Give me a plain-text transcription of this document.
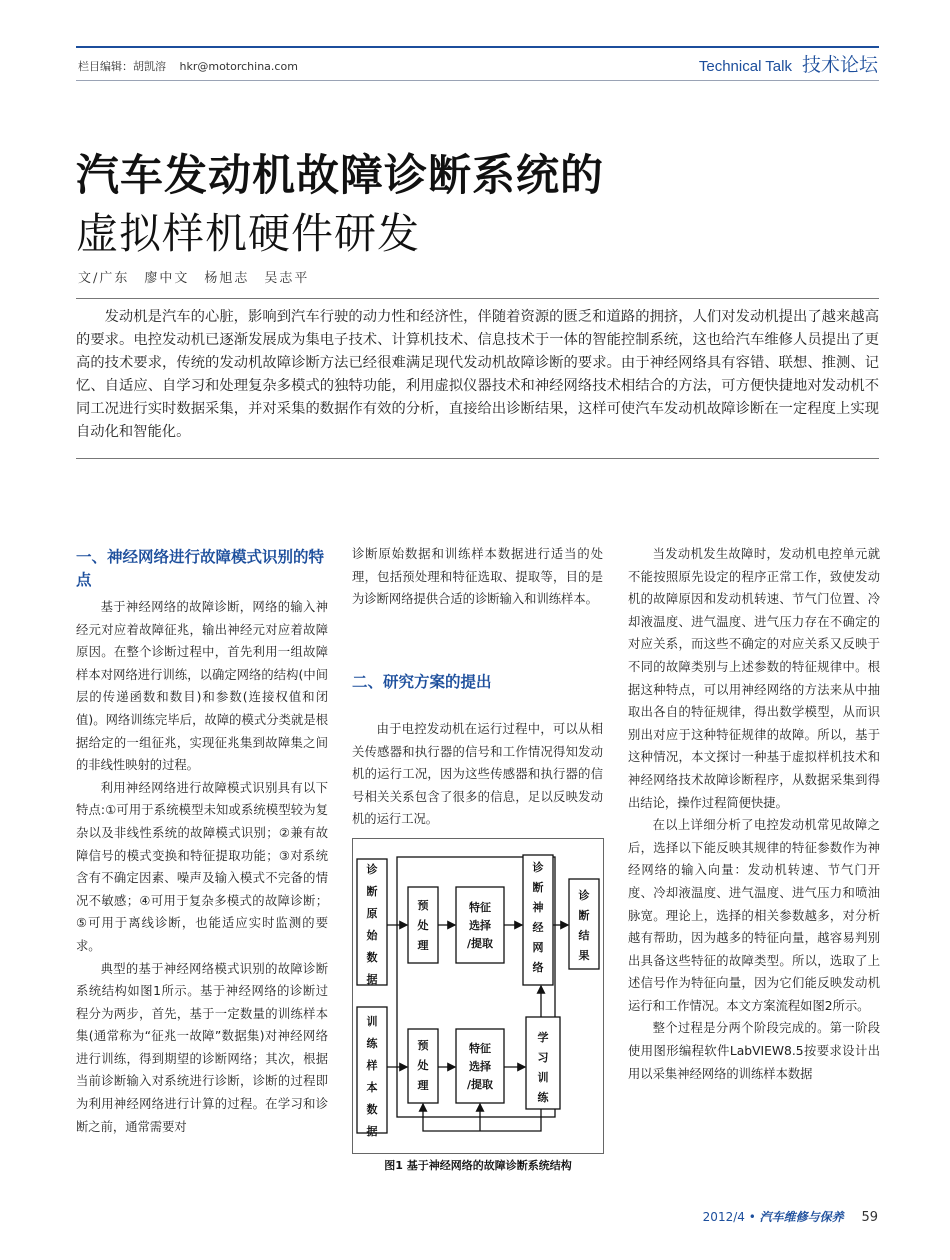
栏目编辑：胡凯溶 hkr@motorchina.com	Technical Talk 技术论坛
汽车发动机故障诊断系统的
虚拟样机硬件研发
文/广东　廖中文　杨旭志　吴志平
发动机是汽车的心脏，影响到汽车行驶的动力性和经济性，伴随着资源的匮乏和道路的拥挤，人们对发动机提出了越来越高的要求。电控发动机已逐渐发展成为集电子技术、计算机技术、信息技术于一体的智能控制系统，这也给汽车维修人员提出了更高的技术要求，传统的发动机故障诊断方法已经很难满足现代发动机故障诊断的要求。由于神经网络具有容错、联想、推测、记忆、自适应、自学习和处理复杂多模式的独特功能，利用虚拟仪器技术和神经网络技术相结合的方法，可方便快捷地对发动机不同工况进行实时数据采集，并对采集的数据作有效的分析，直接给出诊断结果，这样可使汽车发动机故障诊断在一定程度上实现自动化和智能化。
一、神经网络进行故障模式识别的特点

基于神经网络的故障诊断，网络的输入神经元对应着故障征兆，输出神经元对应着故障原因。在整个诊断过程中，首先利用一组故障样本对网络进行训练，以确定网络的结构(中间层的传递函数和数目)和参数(连接权值和闭值)。网络训练完毕后，故障的模式分类就是根据给定的一组征兆，实现征兆集到故障集之间的非线性映射的过程。

利用神经网络进行故障模式识别具有以下特点:①可用于系统模型未知或系统模型较为复杂以及非线性系统的故障模式识别；②兼有故障信号的模式变换和特征提取功能；③对系统含有不确定因素、噪声及输入模式不完备的情况不敏感；④可用于复杂多模式的故障诊断；⑤可用于离线诊断，也能适应实时监测的要求。

典型的基于神经网络模式识别的故障诊断系统结构如图1所示。基于神经网络的诊断过程分为两步，首先，基于一定数量的训练样本集(通常称为“征兆一故障”数据集)对神经网络进行训练，得到期望的诊断网络；其次，根据当前诊断输入对系统进行诊断，诊断的过程即为利用神经网络进行计算的过程。在学习和诊断之前，通常需要对

诊断原始数据和训练样本数据进行适当的处理，包括预处理和特征选取、提取等，目的是为诊断网络提供合适的诊断输入和训练样本。

二、研究方案的提出

由于电控发动机在运行过程中，可以从相关传感器和执行器的信号和工作情况得知发动机的运行工况，因为这些传感器和执行器的信号相关关系包含了很多的信息，足以反映发动机的运行工况。

诊
断
原
始
数
据
预
处
理
特征
选择
/提取
诊
断
神
经
网
络
诊
断
结
果
训
练
样
本
数
据
预
处
理
特征
选择
/提取
学
习
训
练
图1 基于神经网络的故障诊断系统结构

当发动机发生故障时，发动机电控单元就不能按照原先设定的程序正常工作，致使发动机的故障原因和发动机转速、节气门位置、冷却液温度、进气温度、进气压力存在不确定的对应关系，而这些不确定的对应关系又反映于不同的故障类别与上述参数的特征规律中。根据这种特点，可以用神经网络的方法来从中抽取出各自的特征规律，得出数学模型，从而识别出对应于这种特征规律的故障。所以，基于这种情况，本文探讨一种基于虚拟样机技术和神经网络技术故障诊断程序，从数据采集到得出结论，操作过程简便快捷。

在以上详细分析了电控发动机常见故障之后，选择以下能反映其规律的特征参数作为神经网络的输入向量：发动机转速、节气门开度、冷却液温度、进气温度、进气压力和喷油脉宽。理论上，选择的相关参数越多，对分析越有帮助，因为越多的特征向量，越容易判别出具备这些特征的故障类型。所以，选取了上述信号作为特征向量，因为它们能反映发动机运行和工作情况。本文方案流程如图2所示。

整个过程是分两个阶段完成的。第一阶段使用图形编程软件LabVIEW8.5按要求设计出用以采集神经网络的训练样本数据

2012/4 • 汽车维修与保养 59
